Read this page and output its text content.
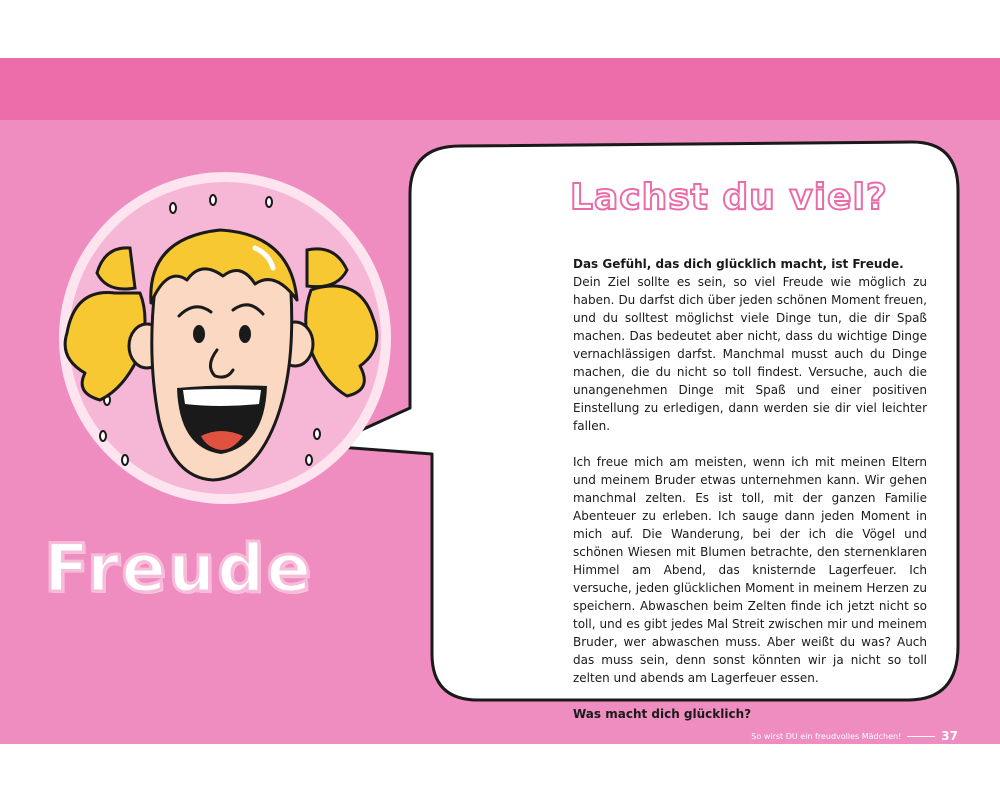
Freude
Lachst du viel?

Das Gefühl, das dich glücklich macht, ist Freude.
Dein Ziel sollte es sein, so viel Freude wie möglich zu haben. Du darfst dich über jeden schönen Moment freuen, und du solltest möglichst viele Dinge tun, die dir Spaß machen. Das bedeutet aber nicht, dass du wichtige Dinge vernachlässigen darfst. Manchmal musst auch du Dinge machen, die du nicht so toll findest. Versuche, auch die unangenehmen Dinge mit Spaß und einer positiven Einstellung zu erledigen, dann werden sie dir viel leichter fallen.

Ich freue mich am meisten, wenn ich mit meinen Eltern und meinem Bruder etwas unternehmen kann. Wir gehen manchmal zelten. Es ist toll, mit der ganzen Familie Abenteuer zu erleben. Ich sauge dann jeden Moment in mich auf. Die Wanderung, bei der ich die Vögel und schönen Wiesen mit Blumen betrachte, den sternenklaren Himmel am Abend, das knisternde Lagerfeuer. Ich versuche, jeden glücklichen Moment in meinem Herzen zu speichern. Abwaschen beim Zelten finde ich jetzt nicht so toll, und es gibt jedes Mal Streit zwischen mir und meinem Bruder, wer abwaschen muss. Aber weißt du was? Auch das muss sein, denn sonst könnten wir ja nicht so toll zelten und abends am Lagerfeuer essen.

Was macht dich glücklich?

So wirst DU ein freudvolles Mädchen!	37
